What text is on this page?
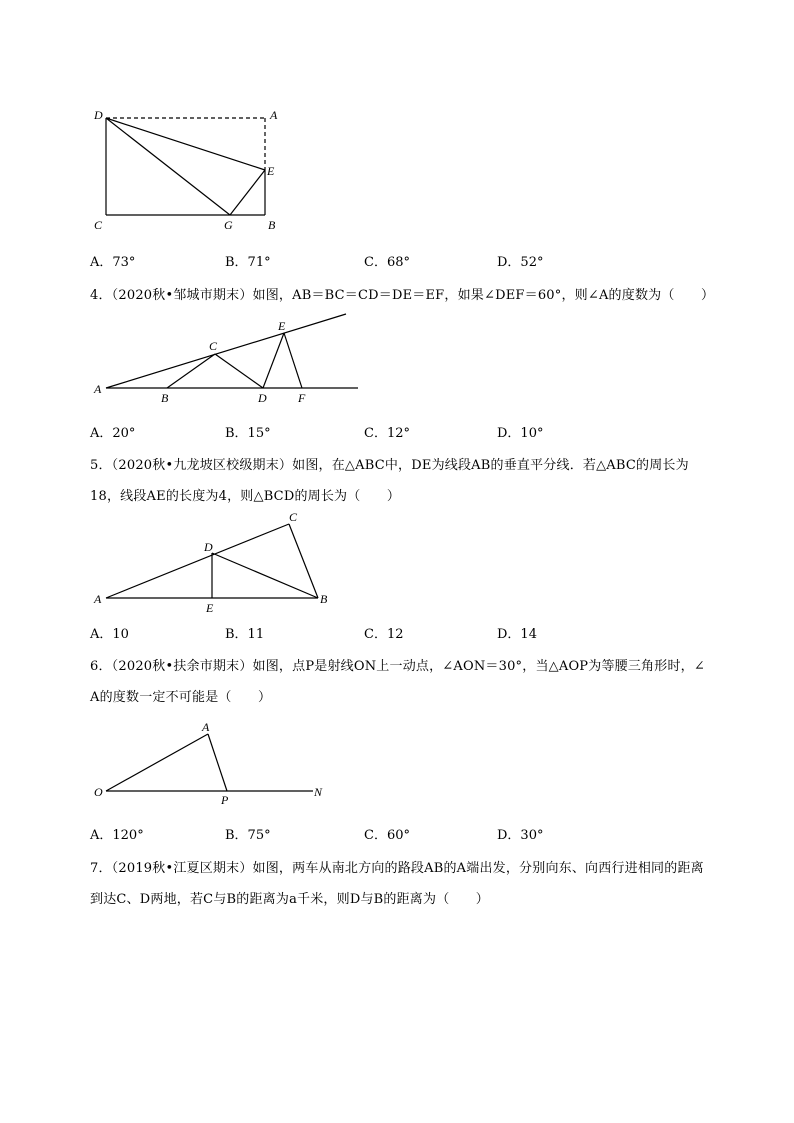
D	A
E
C	G	B
A
B
C
D
E
F
A	B
C
D
E
O
A
P
N
A．73°	B．71°	C．68°	D．52°
4．（2020秋•邹城市期末）如图，AB＝BC＝CD＝DE＝EF，如果∠DEF＝60°，则∠A的度数为（　　）
A．20°	B．15°	C．12°	D．10°
5．（2020秋•九龙坡区校级期末）如图，在△ABC中，DE为线段AB的垂直平分线．若△ABC的周长为
18，线段AE的长度为4，则△BCD的周长为（　　）
A．10	B．11	C．12	D．14
6．（2020秋•扶余市期末）如图，点P是射线ON上一动点，∠AON＝30°，当△AOP为等腰三角形时，∠
A的度数一定不可能是（　　）
A．120°	B．75°	C．60°	D．30°
7．（2019秋•江夏区期末）如图，两车从南北方向的路段AB的A端出发，分别向东、向西行进相同的距离
到达C、D两地，若C与B的距离为a千米，则D与B的距离为（　　）
